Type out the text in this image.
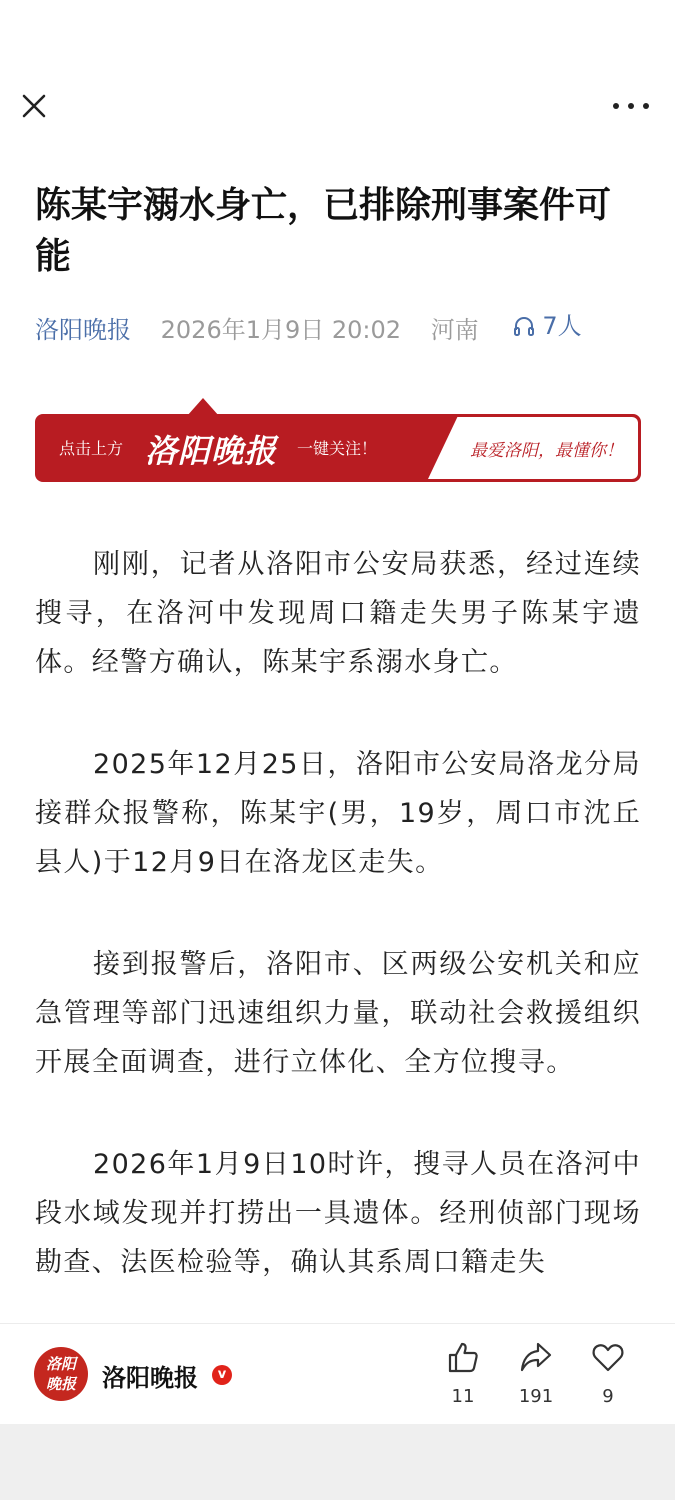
陈某宇溺水身亡，已排除刑事案件可能
洛阳晚报 2026年1月9日 20:02 河南	7人
点击上方 洛阳晚报 一键关注！	最爱洛阳，最懂你！

刚刚，记者从洛阳市公安局获悉，经过连续搜寻，在洛河中发现周口籍走失男子陈某宇遗体。经警方确认，陈某宇系溺水身亡。

2025年12月25日，洛阳市公安局洛龙分局接群众报警称，陈某宇(男，19岁，周口市沈丘县人)于12月9日在洛龙区走失。

接到报警后，洛阳市、区两级公安机关和应急管理等部门迅速组织力量，联动社会救援组织开展全面调查，进行立体化、全方位搜寻。

2026年1月9日10时许，搜寻人员在洛河中段水域发现并打捞出一具遗体。经刑侦部门现场勘查、法医检验等，确认其系周口籍走失

洛阳晚报 洛阳晚报	v
11	191	9
